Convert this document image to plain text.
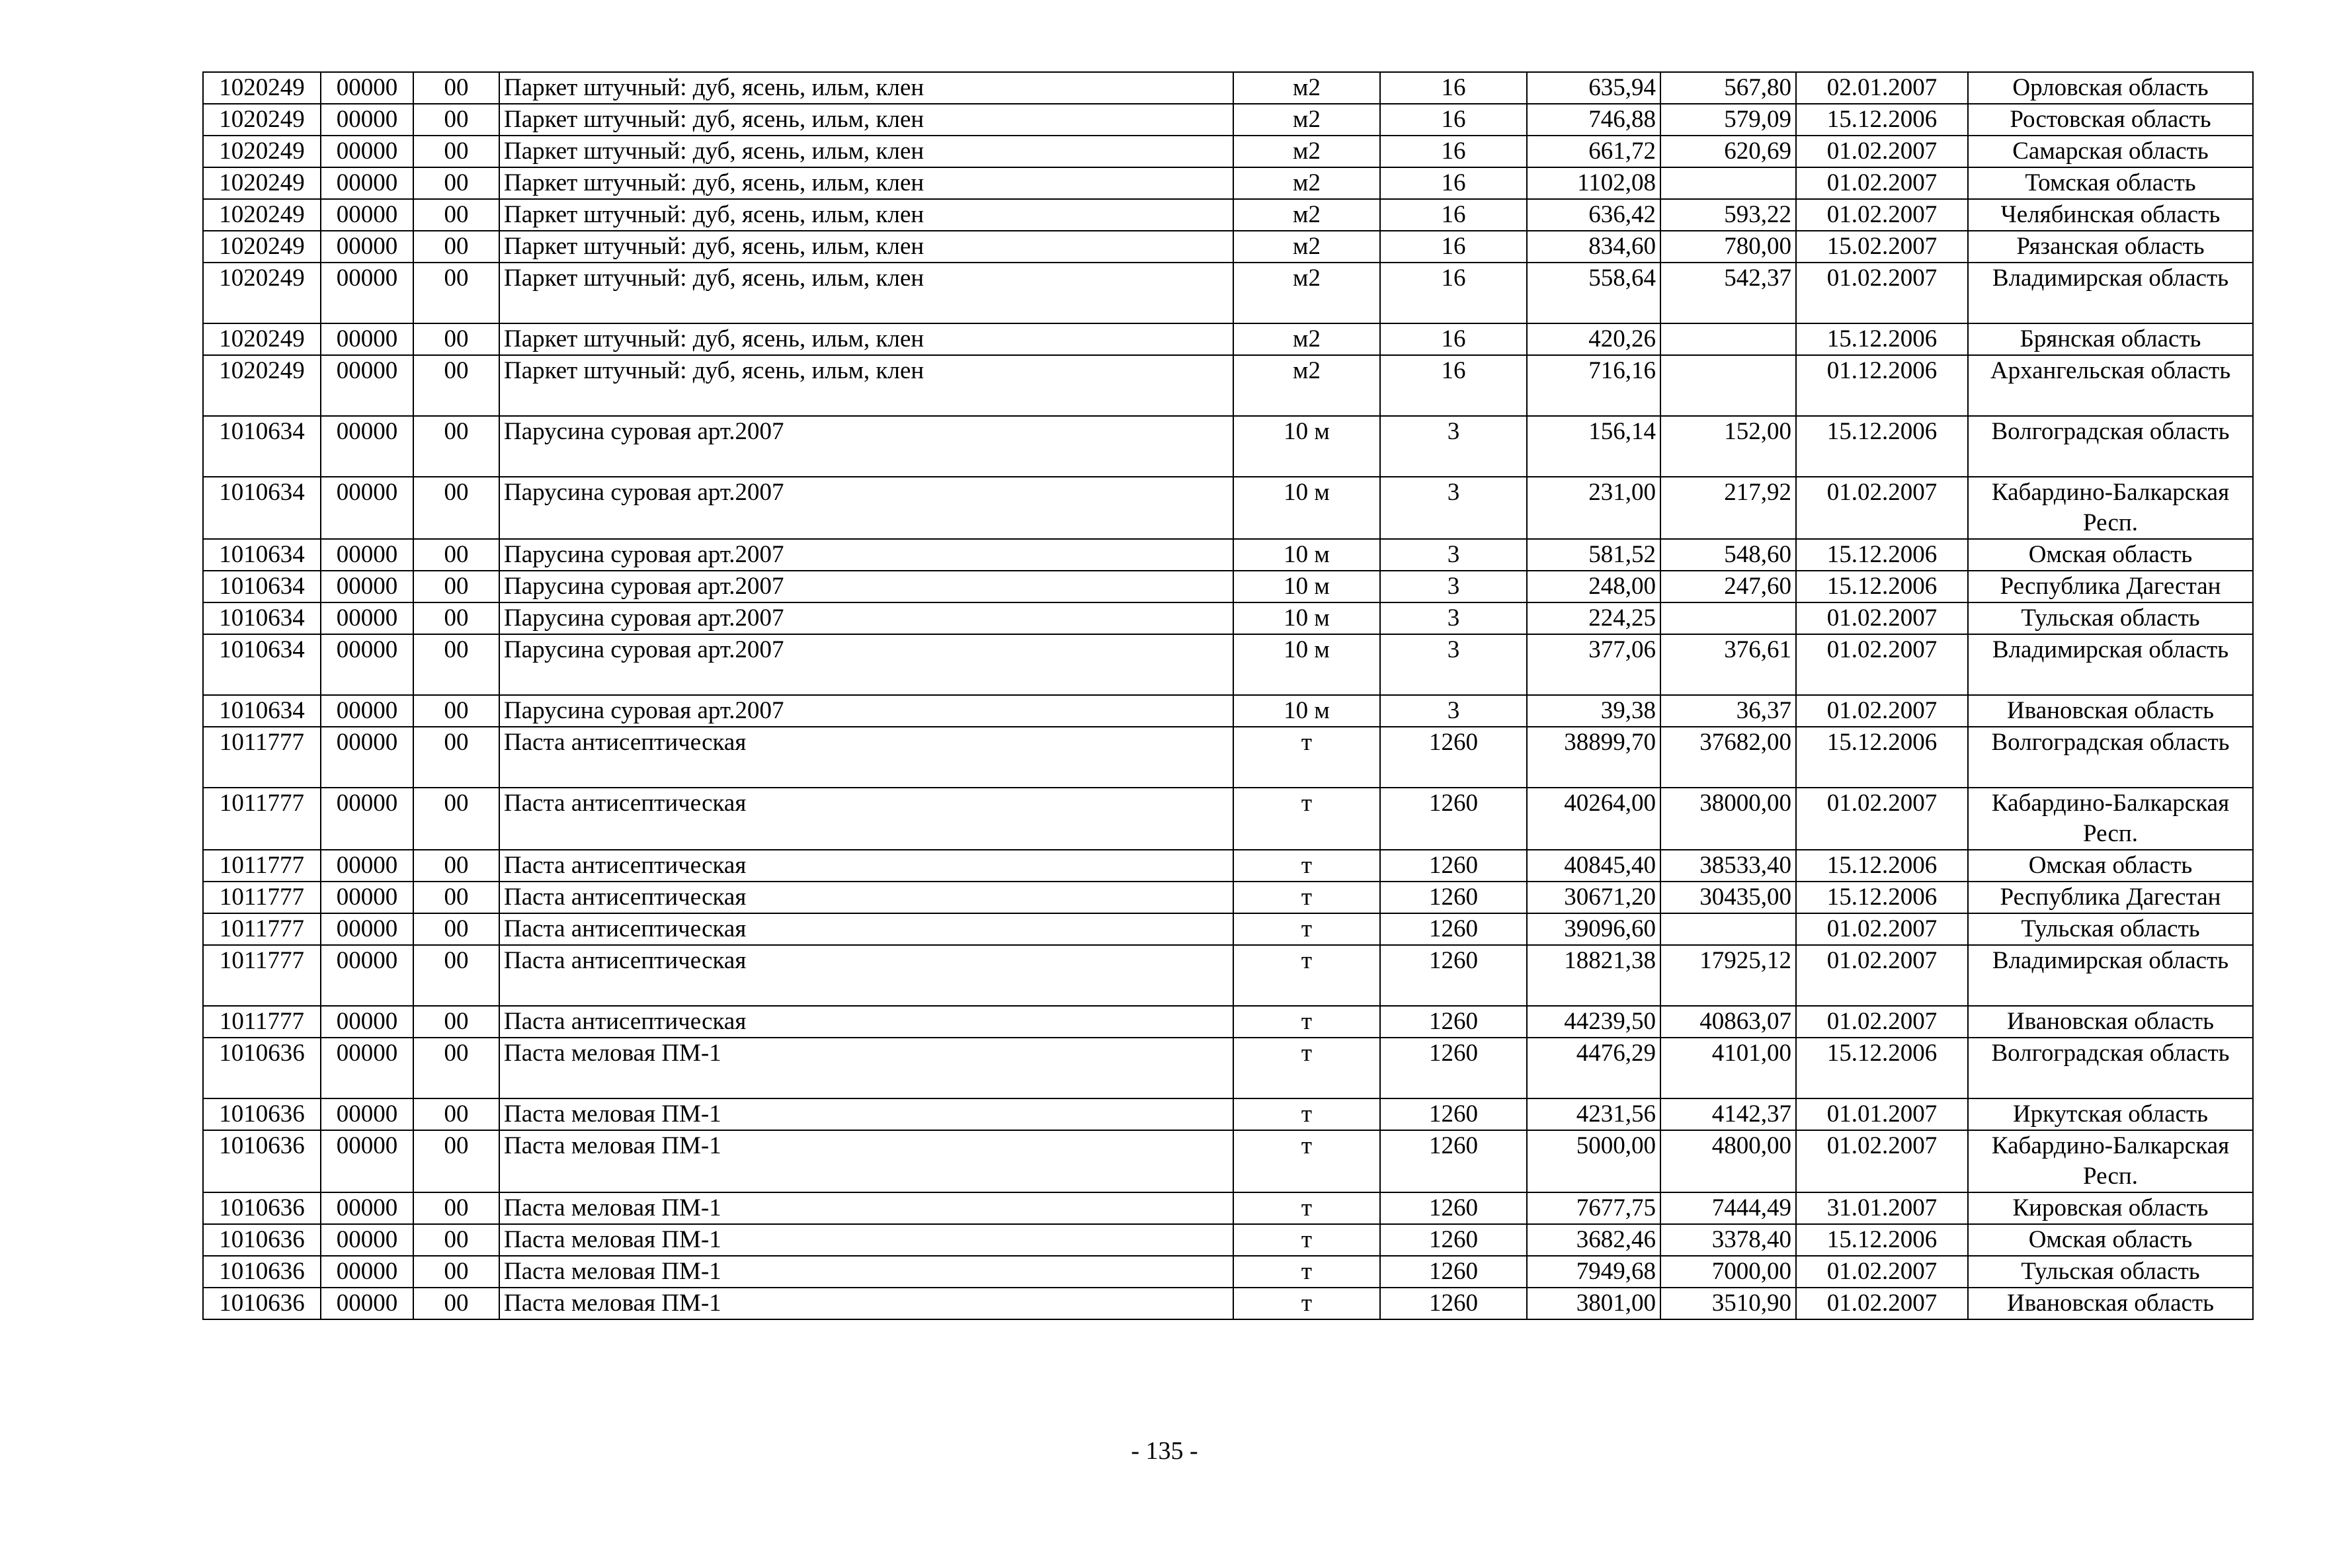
1020249	00000	00	Паркет штучный: дуб, ясень, ильм, клен	м2	16	635,94	567,80	02.01.2007	Орловская область
1020249	00000	00	Паркет штучный: дуб, ясень, ильм, клен	м2	16	746,88	579,09	15.12.2006	Ростовская область
1020249	00000	00	Паркет штучный: дуб, ясень, ильм, клен	м2	16	661,72	620,69	01.02.2007	Самарская область
1020249	00000	00	Паркет штучный: дуб, ясень, ильм, клен	м2	16	1102,08		01.02.2007	Томская область
1020249	00000	00	Паркет штучный: дуб, ясень, ильм, клен	м2	16	636,42	593,22	01.02.2007	Челябинская область
1020249	00000	00	Паркет штучный: дуб, ясень, ильм, клен	м2	16	834,60	780,00	15.02.2007	Рязанская область
1020249	00000	00	Паркет штучный: дуб, ясень, ильм, клен	м2	16	558,64	542,37	01.02.2007	Владимирская область
1020249	00000	00	Паркет штучный: дуб, ясень, ильм, клен	м2	16	420,26		15.12.2006	Брянская область
1020249	00000	00	Паркет штучный: дуб, ясень, ильм, клен	м2	16	716,16		01.12.2006	Архангельская область
1010634	00000	00	Парусина суровая арт.2007	10 м	3	156,14	152,00	15.12.2006	Волгоградская область
1010634	00000	00	Парусина суровая арт.2007	10 м	3	231,00	217,92	01.02.2007	Кабардино-Балкарская Респ.
1010634	00000	00	Парусина суровая арт.2007	10 м	3	581,52	548,60	15.12.2006	Омская область
1010634	00000	00	Парусина суровая арт.2007	10 м	3	248,00	247,60	15.12.2006	Республика Дагестан
1010634	00000	00	Парусина суровая арт.2007	10 м	3	224,25		01.02.2007	Тульская область
1010634	00000	00	Парусина суровая арт.2007	10 м	3	377,06	376,61	01.02.2007	Владимирская область
1010634	00000	00	Парусина суровая арт.2007	10 м	3	39,38	36,37	01.02.2007	Ивановская область
1011777	00000	00	Паста антисептическая	т	1260	38899,70	37682,00	15.12.2006	Волгоградская область
1011777	00000	00	Паста антисептическая	т	1260	40264,00	38000,00	01.02.2007	Кабардино-Балкарская Респ.
1011777	00000	00	Паста антисептическая	т	1260	40845,40	38533,40	15.12.2006	Омская область
1011777	00000	00	Паста антисептическая	т	1260	30671,20	30435,00	15.12.2006	Республика Дагестан
1011777	00000	00	Паста антисептическая	т	1260	39096,60		01.02.2007	Тульская область
1011777	00000	00	Паста антисептическая	т	1260	18821,38	17925,12	01.02.2007	Владимирская область
1011777	00000	00	Паста антисептическая	т	1260	44239,50	40863,07	01.02.2007	Ивановская область
1010636	00000	00	Паста меловая ПМ-1	т	1260	4476,29	4101,00	15.12.2006	Волгоградская область
1010636	00000	00	Паста меловая ПМ-1	т	1260	4231,56	4142,37	01.01.2007	Иркутская область
1010636	00000	00	Паста меловая ПМ-1	т	1260	5000,00	4800,00	01.02.2007	Кабардино-Балкарская Респ.
1010636	00000	00	Паста меловая ПМ-1	т	1260	7677,75	7444,49	31.01.2007	Кировская область
1010636	00000	00	Паста меловая ПМ-1	т	1260	3682,46	3378,40	15.12.2006	Омская область
1010636	00000	00	Паста меловая ПМ-1	т	1260	7949,68	7000,00	01.02.2007	Тульская область
1010636	00000	00	Паста меловая ПМ-1	т	1260	3801,00	3510,90	01.02.2007	Ивановская область
- 135 -
